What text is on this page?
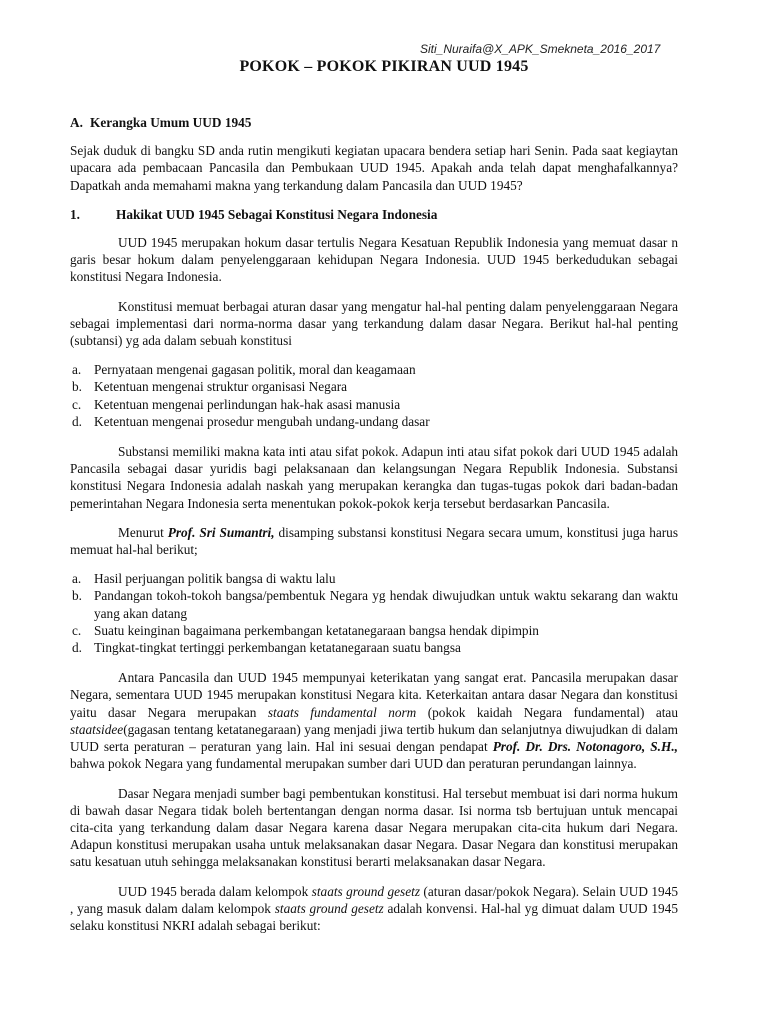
Siti_Nuraifa@X_APK_Smekneta_2016_2017
POKOK – POKOK PIKIRAN UUD 1945
A. Kerangka Umum UUD 1945

Sejak duduk di bangku SD anda rutin mengikuti kegiatan upacara bendera setiap hari Senin. Pada saat kegiaytan upacara ada pembacaan Pancasila dan Pembukaan UUD 1945. Apakah anda telah dapat menghafalkannya? Dapatkah anda memahami makna yang terkandung dalam Pancasila dan UUD 1945?

1.	Hakikat UUD 1945 Sebagai Konstitusi Negara Indonesia

UUD 1945 merupakan hokum dasar tertulis Negara Kesatuan Republik Indonesia yang memuat dasar n garis besar hokum dalam penyelenggaraan kehidupan Negara Indonesia. UUD 1945 berkedudukan sebagai konstitusi Negara Indonesia.

Konstitusi memuat berbagai aturan dasar yang mengatur hal-hal penting dalam penyelenggaraan Negara sebagai implementasi dari norma-norma dasar yang terkandung dalam dasar Negara. Berikut hal-hal penting (subtansi) yg ada dalam sebuah konstitusi

a. Pernyataan mengenai gagasan politik, moral dan keagamaan
b. Ketentuan mengenai struktur organisasi Negara
c. Ketentuan mengenai perlindungan hak-hak asasi manusia
d. Ketentuan mengenai prosedur mengubah undang-undang dasar

Substansi memiliki makna kata inti atau sifat pokok. Adapun inti atau sifat pokok dari UUD 1945 adalah Pancasila sebagai dasar yuridis bagi pelaksanaan dan kelangsungan Negara Republik Indonesia. Substansi konstitusi Negara Indonesia adalah naskah yang merupakan kerangka dan tugas-tugas pokok dari badan-badan pemerintahan Negara Indonesia serta menentukan pokok-pokok kerja tersebut berdasarkan Pancasila.

Menurut Prof. Sri Sumantri, disamping substansi konstitusi Negara secara umum, konstitusi juga harus memuat hal-hal berikut;

a. Hasil perjuangan politik bangsa di waktu lalu
b. Pandangan tokoh-tokoh bangsa/pembentuk Negara yg hendak diwujudkan untuk waktu sekarang dan waktu yang akan datang
c. Suatu keinginan bagaimana perkembangan ketatanegaraan bangsa hendak dipimpin
d. Tingkat-tingkat tertinggi perkembangan ketatanegaraan suatu bangsa

Antara Pancasila dan UUD 1945 mempunyai keterikatan yang sangat erat. Pancasila merupakan dasar Negara, sementara UUD 1945 merupakan konstitusi Negara kita. Keterkaitan antara dasar Negara dan konstitusi yaitu dasar Negara merupakan staats fundamental norm (pokok kaidah Negara fundamental) atau staatsidee(gagasan tentang ketatanegaraan) yang menjadi jiwa tertib hukum dan selanjutnya diwujudkan di dalam UUD serta peraturan – peraturan yang lain. Hal ini sesuai dengan pendapat Prof. Dr. Drs. Notonagoro, S.H., bahwa pokok Negara yang fundamental merupakan sumber dari UUD dan peraturan perundangan lainnya.

Dasar Negara menjadi sumber bagi pembentukan konstitusi. Hal tersebut membuat isi dari norma hukum di bawah dasar Negara tidak boleh bertentangan dengan norma dasar. Isi norma tsb bertujuan untuk mencapai cita-cita yang terkandung dalam dasar Negara karena dasar Negara merupakan cita-cita hukum dari Negara. Adapun konstitusi merupakan usaha untuk melaksanakan dasar Negara. Dasar Negara dan konstitusi merupakan satu kesatuan utuh sehingga melaksanakan konstitusi berarti melaksanakan dasar Negara.

UUD 1945 berada dalam kelompok staats ground gesetz (aturan dasar/pokok Negara). Selain UUD 1945 , yang masuk dalam dalam kelompok staats ground gesetz adalah konvensi. Hal-hal yg dimuat dalam UUD 1945 selaku konstitusi NKRI adalah sebagai berikut:
